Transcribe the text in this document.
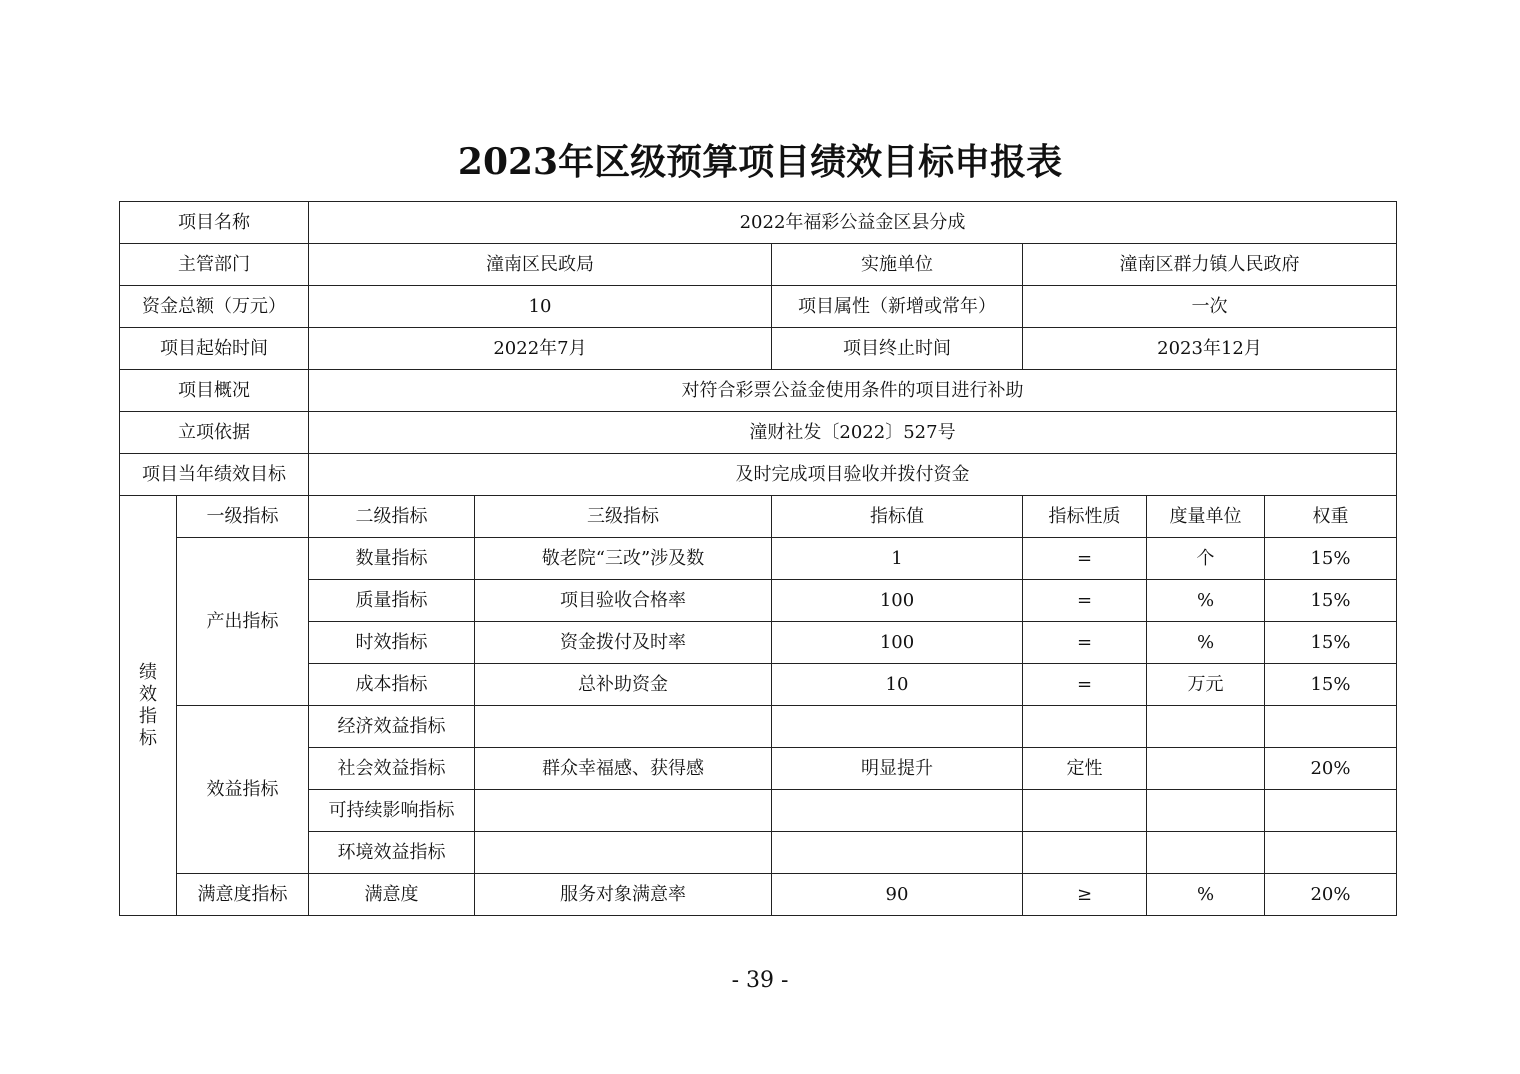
2023年区级预算项目绩效目标申报表
项目名称		2022年福彩公益金区县分成					
主管部门		潼南区民政局		实施单位	潼南区群力镇人民政府		
资金总额（万元）		10		项目属性（新增或常年）	一次		
项目起始时间		2022年7月		项目终止时间	2023年12月		
项目概况		对符合彩票公益金使用条件的项目进行补助					
立项依据		潼财社发〔2022〕527号					
项目当年绩效目标		及时完成项目验收并拨付资金					

绩
效
指
标	一级指标	二级指标	三级指标	指标值	指标性质	度量单位	权重
	产出指标	数量指标	敬老院“三改”涉及数	1	=	个	15%
		质量指标	项目验收合格率	100	=	%	15%
		时效指标	资金拨付及时率	100	=	%	15%
		成本指标	总补助资金	10	=	万元	15%
	效益指标	经济效益指标					
		社会效益指标	群众幸福感、获得感	明显提升	定性		20%
		可持续影响指标					
		环境效益指标					
	满意度指标	满意度	服务对象满意率	90	≥	%	20%

- 39 -
